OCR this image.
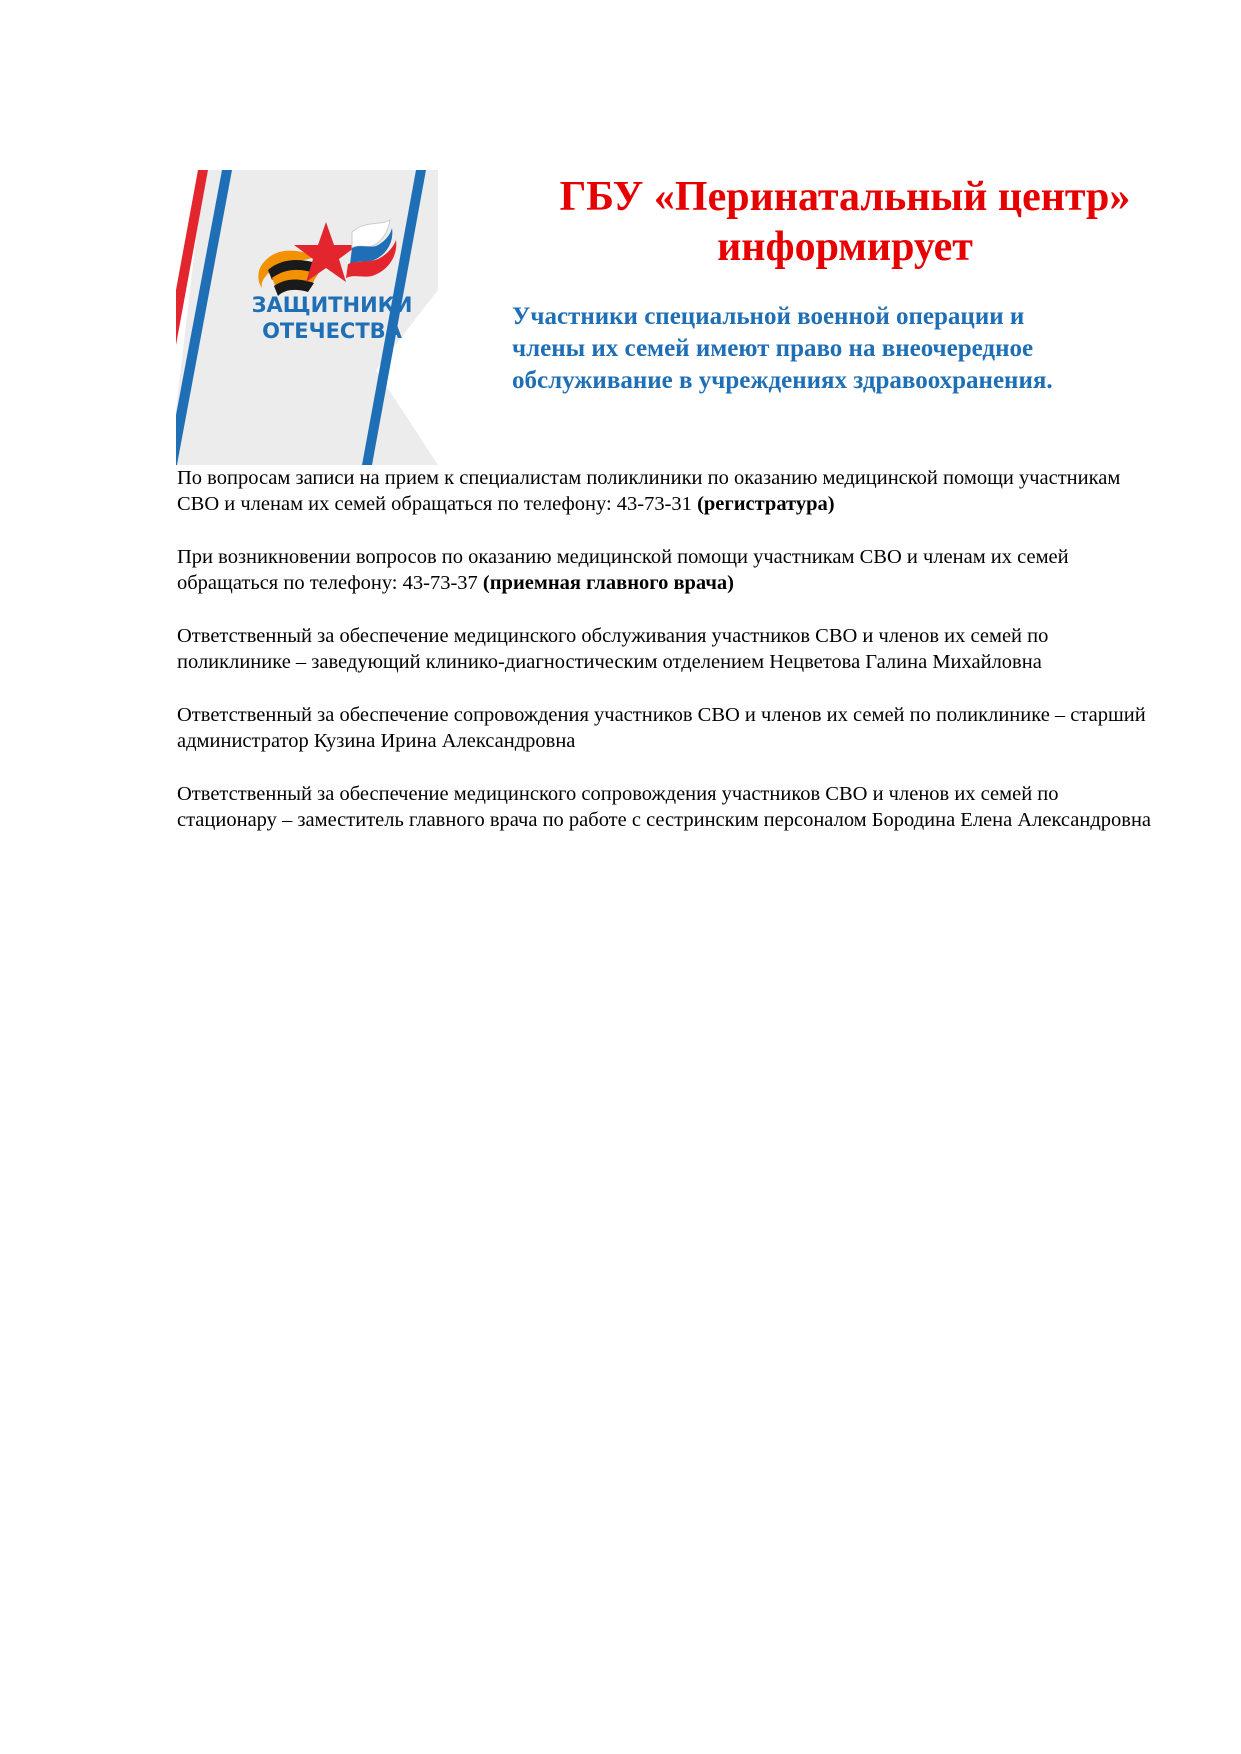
ЗАЩИТНИКИ
ОТЕЧЕСТВА
ГБУ «Перинатальный центр»
информирует

Участники специальной военной операции и
члены их семей имеют право на внеочередное
обслуживание в учреждениях здравоохранения.

По вопросам записи на прием к специалистам поликлиники по оказанию медицинской помощи участникам СВО и членам их семей обращаться по телефону: 43-73-31 (регистратура)

При возникновении вопросов по оказанию медицинской помощи участникам СВО и членам их семей обращаться по телефону: 43-73-37 (приемная главного врача)

Ответственный за обеспечение медицинского обслуживания участников СВО и членов их семей по поликлинике – заведующий клинико-диагностическим отделением Нецветова Галина Михайловна

Ответственный за обеспечение сопровождения участников СВО и членов их семей по поликлинике – старший администратор Кузина Ирина Александровна

Ответственный за обеспечение медицинского сопровождения участников СВО и членов их семей по стационару – заместитель главного врача по работе с сестринским персоналом Бородина Елена Александровна
